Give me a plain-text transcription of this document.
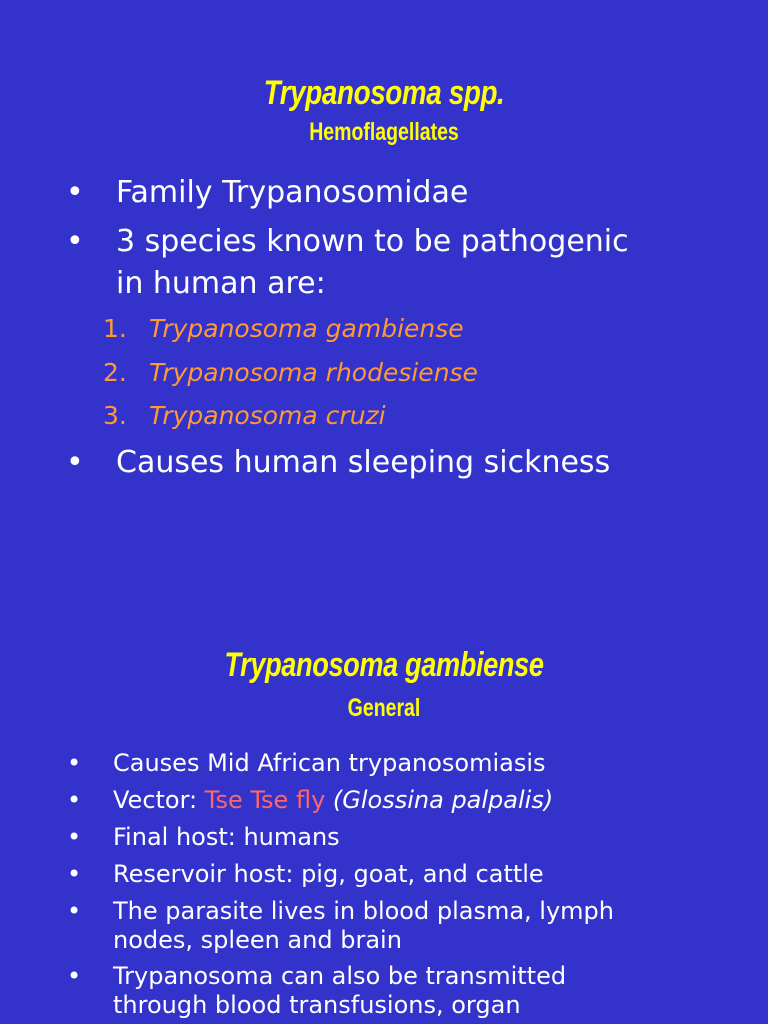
Trypanosoma spp.
Hemoflagellates
• Family Trypanosomidae
• 3 species known to be pathogenic
in human are:
1. Trypanosoma gambiense
2. Trypanosoma rhodesiense
3. Trypanosoma cruzi
• Causes human sleeping sickness
Trypanosoma gambiense
General
• Causes Mid African trypanosomiasis
• Vector: Tse Tse fly (Glossina palpalis)
• Final host: humans
• Reservoir host: pig, goat, and cattle
• The parasite lives in blood plasma, lymph
nodes, spleen and brain
• Trypanosoma can also be transmitted
through blood transfusions, organ
